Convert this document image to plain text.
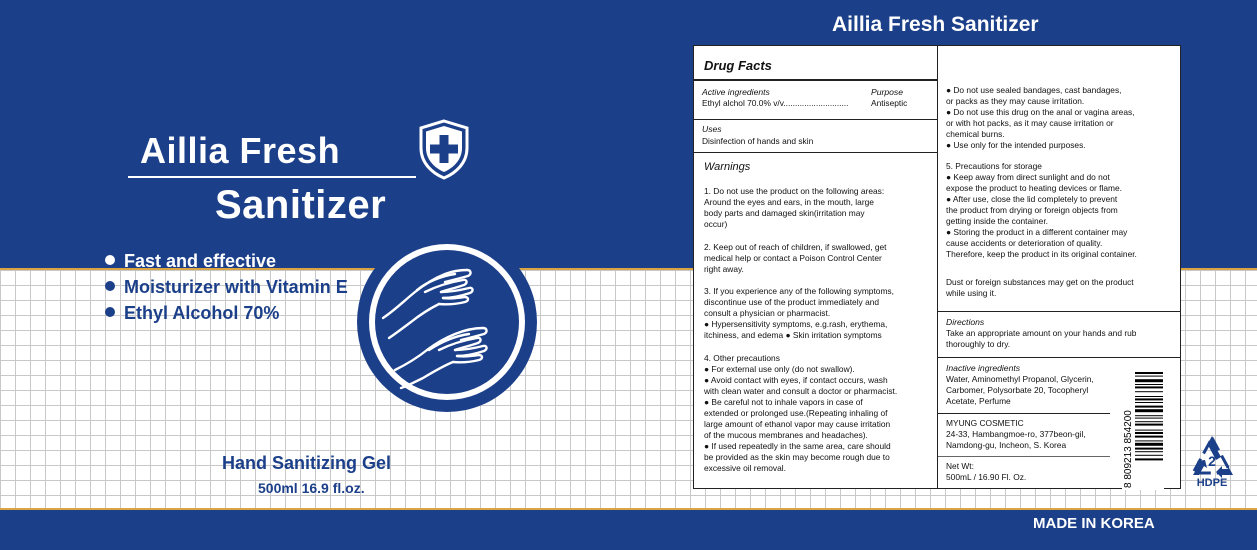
Aillia Fresh
Sanitizer
Fast and effective
Moisturizer with Vitamin E
Ethyl Alcohol 70%
Hand Sanitizing Gel
500ml 16.9 fl.oz.
Aillia Fresh Sanitizer
MADE IN KOREA
Drug Facts
Active ingredients	Purpose
Ethyl alchol 70.0% v/v............................	Antiseptic
Uses
Disinfection of hands and skin
Warnings
1. Do not use the product on the following areas:
Around the eyes and ears, in the mouth, large
body parts and damaged skin(irritation may
occur)
2. Keep out of reach of children, if swallowed, get
medical help or contact a Poison Control Center
right away.
3. If you experience any of the following symptoms,
discontinue use of the product immediately and
consult a physician or pharmacist.
● Hypersensitivity symptoms, e.g.rash, erythema,
itchiness, and edema ● Skin irritation symptoms
4. Other precautions
● For external use only (do not swallow).
● Avoid contact with eyes, if contact occurs, wash
with clean water and consult a doctor or pharmacist.
● Be careful not to inhale vapors in case of
extended or prolonged use.(Repeating inhaling of
large amount of ethanol vapor may cause irritation
of the mucous membranes and headaches).
● If used repeatedly in the same area, care should
be provided as the skin may become rough due to
excessive oil removal.
● Do not use sealed bandages, cast bandages,
or packs as they may cause irritation.
● Do not use this drug on the anal or vagina areas,
or with hot packs, as it may cause irritation or
chemical burns.
● Use only for the intended purposes.
5. Precautions for storage
● Keep away from direct sunlight and do not
expose the product to heating devices or flame.
● After use, close the lid completely to prevent
the product from drying or foreign objects from
getting inside the container.
● Storing the product in a different container may
cause accidents or deterioration of quality.
Therefore, keep the product in its original container.
Dust or foreign substances may get on the product
while using it.
Directions
Take an appropriate amount on your hands and rub
thoroughly to dry.
Inactive ingredients
Water, Aminomethyl Propanol, Glycerin,
Carbomer, Polysorbate 20, Tocopheryl
Acetate, Perfume
MYUNG COSMETIC
24-33, Hambangmoe-ro, 377beon-gil,
Namdong-gu, Incheon, S. Korea
Net Wt:
500mL / 16.90 Fl. Oz.	8 809213 854200	2
HDPE
